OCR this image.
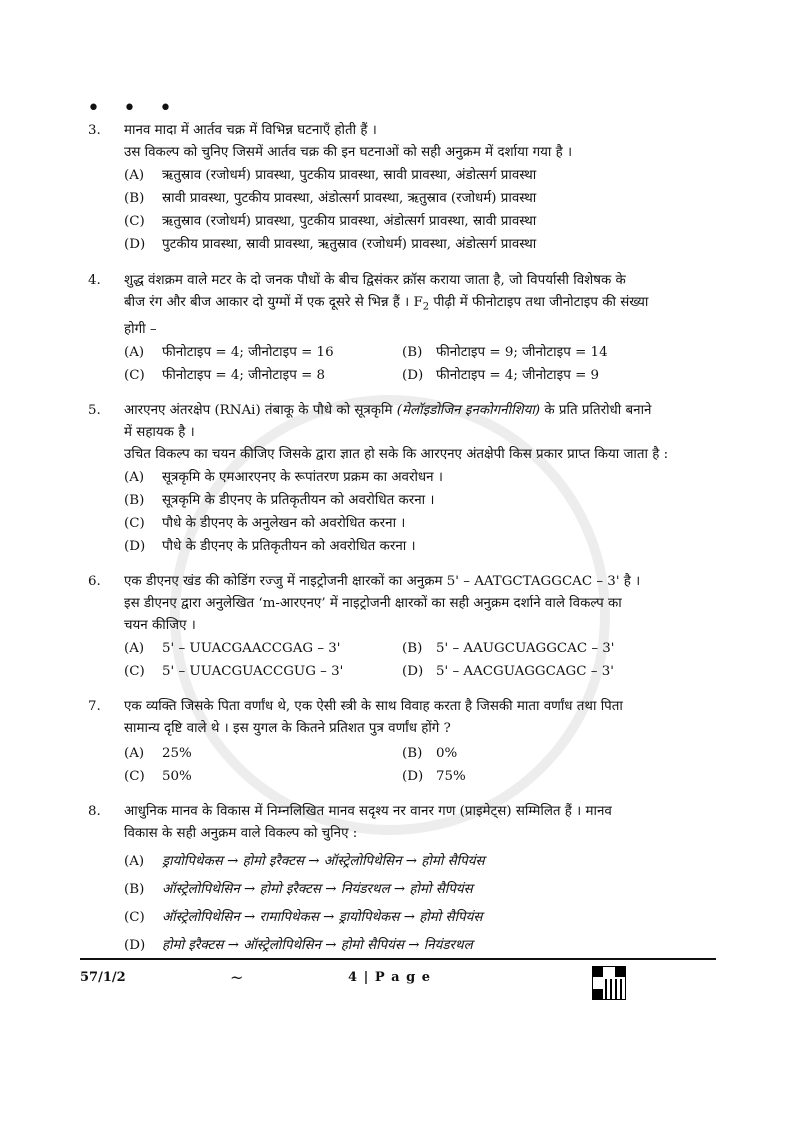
• • •
3. मानव मादा में आर्तव चक्र में विभिन्न घटनाएँ होती हैं ।
उस विकल्प को चुनिए जिसमें आर्तव चक्र की इन घटनाओं को सही अनुक्रम में दर्शाया गया है ।
(A)	ऋतुस्राव (रजोधर्म) प्रावस्था, पुटकीय प्रावस्था, स्रावी प्रावस्था, अंडोत्सर्ग प्रावस्था
(B)	स्रावी प्रावस्था, पुटकीय प्रावस्था, अंडोत्सर्ग प्रावस्था, ऋतुस्राव (रजोधर्म) प्रावस्था
(C)	ऋतुस्राव (रजोधर्म) प्रावस्था, पुटकीय प्रावस्था, अंडोत्सर्ग प्रावस्था, स्रावी प्रावस्था
(D)	पुटकीय प्रावस्था, स्रावी प्रावस्था, ऋतुस्राव (रजोधर्म) प्रावस्था, अंडोत्सर्ग प्रावस्था
4. शुद्ध वंशक्रम वाले मटर के दो जनक पौधों के बीच द्विसंकर क्रॉस कराया जाता है, जो विपर्यासी विशेषक के
बीज रंग और बीज आकार दो युग्मों में एक दूसरे से भिन्न हैं । $F_2$ पीढ़ी में फीनोटाइप तथा जीनोटाइप की संख्या
होगी –
(A)	फीनोटाइप = 4; जीनोटाइप = 16	(B)	फीनोटाइप = 9; जीनोटाइप = 14
(C)	फीनोटाइप = 4; जीनोटाइप = 8	(D) फीनोटाइप = 4; जीनोटाइप = 9
5. आरएनए अंतरक्षेप (RNAi) तंबाकू के पौधे को सूत्रकृमि (मेलॉइडोजिन इनकोगनीशिया) के प्रति प्रतिरोधी बनाने
में सहायक है ।
उचित विकल्प का चयन कीजिए जिसके द्वारा ज्ञात हो सके कि आरएनए अंतक्षेपी किस प्रकार प्राप्त किया जाता है :
(A)	सूत्रकृमि के एमआरएनए के रूपांतरण प्रक्रम का अवरोधन ।
(B)	सूत्रकृमि के डीएनए के प्रतिकृतीयन को अवरोधित करना ।
(C)	पौधे के डीएनए के अनुलेखन को अवरोधित करना ।
(D)	पौधे के डीएनए के प्रतिकृतीयन को अवरोधित करना ।
6. एक डीएनए खंड की कोडिंग रज्जु में नाइट्रोजनी क्षारकों का अनुक्रम 5' – AATGCTAGGCAC – 3' है ।
इस डीएनए द्वारा अनुलेखित ‘m-आरएनए’ में नाइट्रोजनी क्षारकों का सही अनुक्रम दर्शाने वाले विकल्प का
चयन कीजिए ।
(A)	5' – UUACGAACCGAG – 3'	(B)	5' – AAUGCUAGGCAC – 3'
(C)	5' – UUACGUACCGUG – 3'	(D) 5' – AACGUAGGCAGC – 3'
7. एक व्यक्ति जिसके पिता वर्णांध थे, एक ऐसी स्त्री के साथ विवाह करता है जिसकी माता वर्णांध तथा पिता
सामान्य दृष्टि वाले थे । इस युगल के कितने प्रतिशत पुत्र वर्णांध होंगे ?
(A)	25%	(B)	0%
(C)	50%	(D) 75%
8. आधुनिक मानव के विकास में निम्नलिखित मानव सदृश्य नर वानर गण (प्राइमेट्स) सम्मिलित हैं । मानव
विकास के सही अनुक्रम वाले विकल्प को चुनिए :
(A)	ड्रायोपिथेकस → होमो इरैक्टस → ऑस्ट्रेलोपिथेसिन → होमो सैपियंस
(B)	ऑस्ट्रेलोपिथेसिन → होमो इरैक्टस → नियंडरथल → होमो सैपियंस
(C)	ऑस्ट्रेलोपिथेसिन → रामापिथेकस → ड्रायोपिथेकस → होमो सैपियंस
(D)	होमो इरैक्टस → ऑस्ट्रेलोपिथेसिन → होमो सैपियंस → नियंडरथल
57/1/2	~	4 | P a g e
